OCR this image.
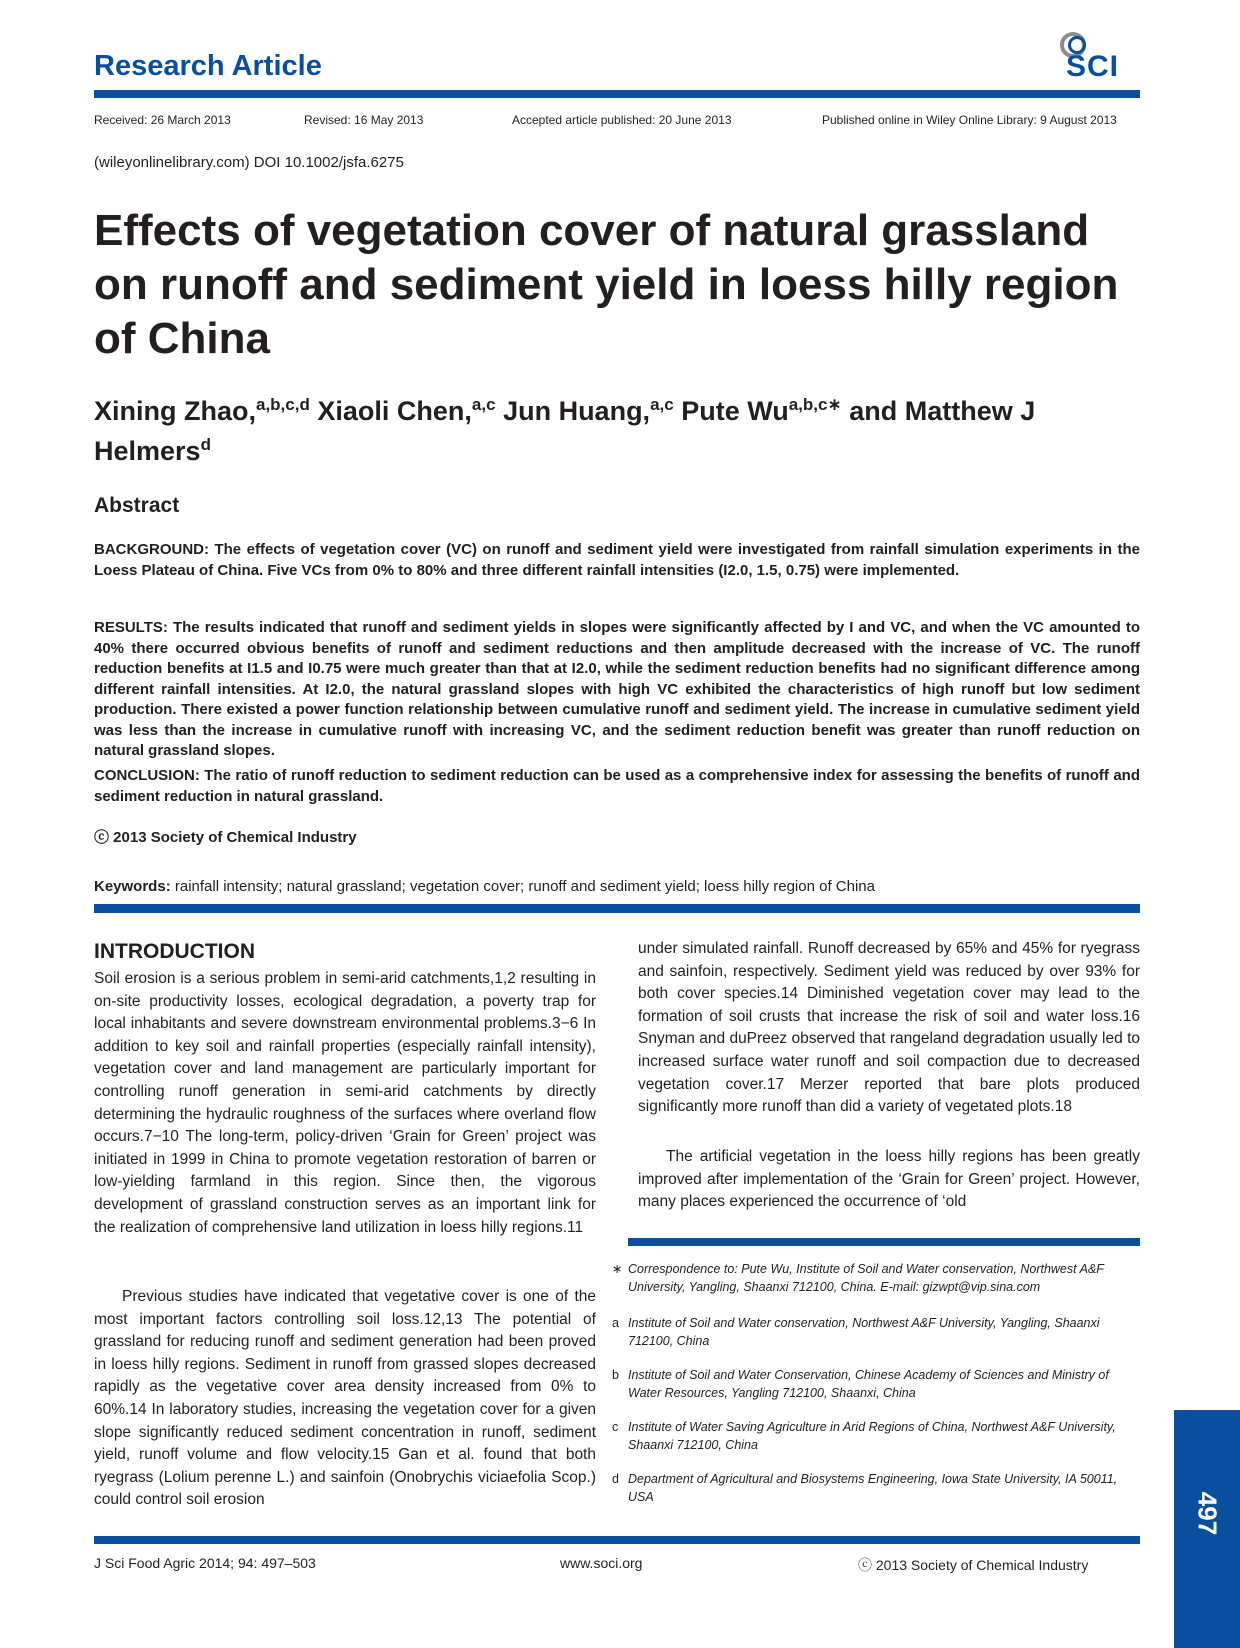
Research Article	SCI
Received: 26 March 2013	Revised: 16 May 2013	Accepted article published: 20 June 2013	Published online in Wiley Online Library: 9 August 2013
(wileyonlinelibrary.com) DOI 10.1002/jsfa.6275
Effects of vegetation cover of natural grassland on runoff and sediment yield in loess hilly region of China
Xining Zhao,$^{a,b,c,d}$ Xiaoli Chen,$^{a,c}$ Jun Huang,$^{a,c}$ Pute $Wu^{a,b,c∗}$ and Matthew J Helmers$^d$
Abstract

BACKGROUND: The effects of vegetation cover (VC) on runoff and sediment yield were investigated from rainfall simulation experiments in the Loess Plateau of China. Five VCs from 0% to 80% and three different rainfall intensities (I2.0, 1.5, 0.75) were implemented.

RESULTS: The results indicated that runoff and sediment yields in slopes were significantly affected by I and VC, and when the VC amounted to 40% there occurred obvious benefits of runoff and sediment reductions and then amplitude decreased with the increase of VC. The runoff reduction benefits at I1.5 and I0.75 were much greater than that at I2.0, while the sediment reduction benefits had no significant difference among different rainfall intensities. At I2.0, the natural grassland slopes with high VC exhibited the characteristics of high runoff but low sediment production. There existed a power function relationship between cumulative runoff and sediment yield. The increase in cumulative sediment yield was less than the increase in cumulative runoff with increasing VC, and the sediment reduction benefit was greater than runoff reduction on natural grassland slopes.

CONCLUSION: The ratio of runoff reduction to sediment reduction can be used as a comprehensive index for assessing the benefits of runoff and sediment reduction in natural grassland.

ⓒ 2013 Society of Chemical Industry
Keywords: rainfall intensity; natural grassland; vegetation cover; runoff and sediment yield; loess hilly region of China
INTRODUCTION

Soil erosion is a serious problem in semi-arid catchments,1,2 resulting in on-site productivity losses, ecological degradation, a poverty trap for local inhabitants and severe downstream environmental problems.3−6 In addition to key soil and rainfall properties (especially rainfall intensity), vegetation cover and land management are particularly important for controlling runoff generation in semi-arid catchments by directly determining the hydraulic roughness of the surfaces where overland flow occurs.7−10 The long-term, policy-driven ‘Grain for Green’ project was initiated in 1999 in China to promote vegetation restoration of barren or low-yielding farmland in this region. Since then, the vigorous development of grassland construction serves as an important link for the realization of comprehensive land utilization in loess hilly regions.11

Previous studies have indicated that vegetative cover is one of the most important factors controlling soil loss.12,13 The potential of grassland for reducing runoff and sediment generation had been proved in loess hilly regions. Sediment in runoff from grassed slopes decreased rapidly as the vegetative cover area density increased from 0% to 60%.14 In laboratory studies, increasing the vegetation cover for a given slope significantly reduced sediment concentration in runoff, sediment yield, runoff volume and flow velocity.15 Gan et al. found that both ryegrass (Lolium perenne L.) and sainfoin (Onobrychis viciaefolia Scop.) could control soil erosion

under simulated rainfall. Runoff decreased by 65% and 45% for ryegrass and sainfoin, respectively. Sediment yield was reduced by over 93% for both cover species.14 Diminished vegetation cover may lead to the formation of soil crusts that increase the risk of soil and water loss.16 Snyman and duPreez observed that rangeland degradation usually led to increased surface water runoff and soil compaction due to decreased vegetation cover.17 Merzer reported that bare plots produced significantly more runoff than did a variety of vegetated plots.18

The artificial vegetation in the loess hilly regions has been greatly improved after implementation of the ‘Grain for Green’ project. However, many places experienced the occurrence of ‘old

∗ Correspondence to: Pute Wu, Institute of Soil and Water conservation, Northwest A&F University, Yangling, Shaanxi 712100, China. E-mail: gizwpt@vip.sina.com
a Institute of Soil and Water conservation, Northwest A&F University, Yangling, Shaanxi 712100, China
b Institute of Soil and Water Conservation, Chinese Academy of Sciences and Ministry of Water Resources, Yangling 712100, Shaanxi, China
c Institute of Water Saving Agriculture in Arid Regions of China, Northwest A&F University, Shaanxi 712100, China
d Department of Agricultural and Biosystems Engineering, Iowa State University, IA 50011, USA	497
J Sci Food Agric 2014; 94: 497–503	www.soci.org	ⓒ 2013 Society of Chemical Industry
